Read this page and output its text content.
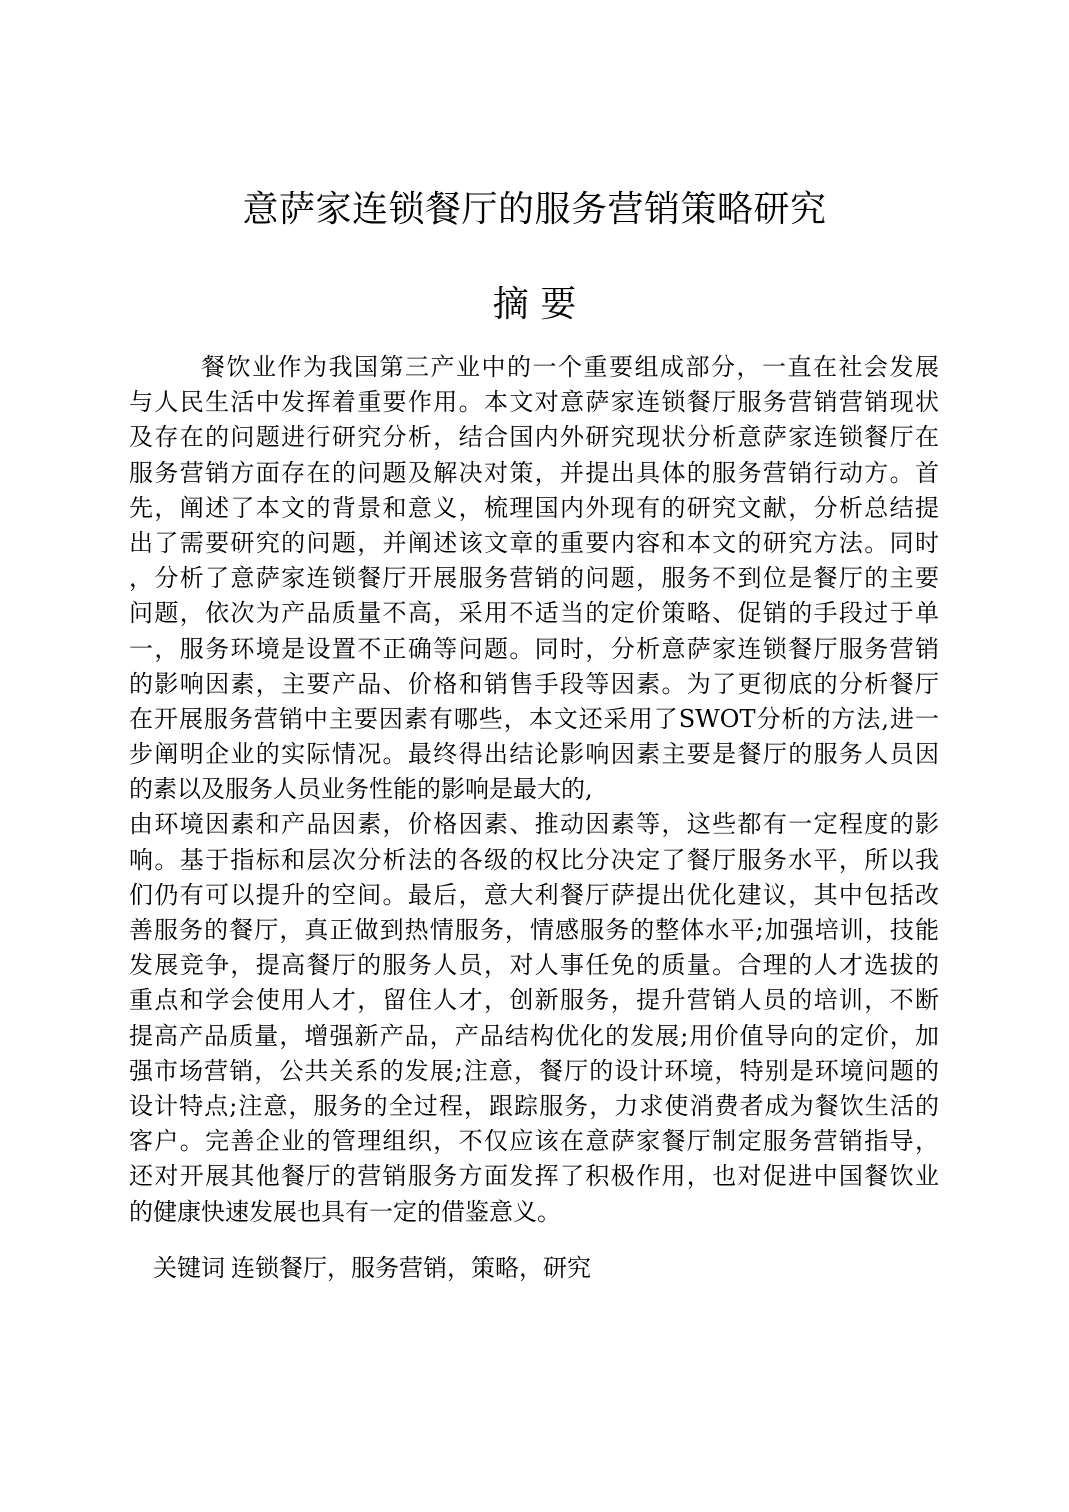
意萨家连锁餐厅的服务营销策略研究
摘 要
餐饮业作为我国第三产业中的一个重要组成部分，一直在社会发展
与人民生活中发挥着重要作用。本文对意萨家连锁餐厅服务营销营销现状
及存在的问题进行研究分析，结合国内外研究现状分析意萨家连锁餐厅在
服务营销方面存在的问题及解决对策，并提出具体的服务营销行动方。首
先，阐述了本文的背景和意义，梳理国内外现有的研究文献，分析总结提
出了需要研究的问题，并阐述该文章的重要内容和本文的研究方法。同时
，分析了意萨家连锁餐厅开展服务营销的问题，服务不到位是餐厅的主要
问题，依次为产品质量不高，采用不适当的定价策略、促销的手段过于单
一，服务环境是设置不正确等问题。同时，分析意萨家连锁餐厅服务营销
的影响因素，主要产品、价格和销售手段等因素。为了更彻底的分析餐厅
在开展服务营销中主要因素有哪些，本文还采用了SWOT分析的方法,进一
步阐明企业的实际情况。最终得出结论影响因素主要是餐厅的服务人员因
的素以及服务人员业务性能的影响是最大的,
由环境因素和产品因素，价格因素、推动因素等，这些都有一定程度的影
响。基于指标和层次分析法的各级的权比分决定了餐厅服务水平，所以我
们仍有可以提升的空间。最后，意大利餐厅萨提出优化建议，其中包括改
善服务的餐厅，真正做到热情服务，情感服务的整体水平;加强培训，技能
发展竞争，提高餐厅的服务人员，对人事任免的质量。合理的人才选拔的
重点和学会使用人才，留住人才，创新服务，提升营销人员的培训，不断
提高产品质量，增强新产品，产品结构优化的发展;用价值导向的定价，加
强市场营销，公共关系的发展;注意，餐厅的设计环境，特别是环境问题的
设计特点;注意，服务的全过程，跟踪服务，力求使消费者成为餐饮生活的
客户。完善企业的管理组织，不仅应该在意萨家餐厅制定服务营销指导，
还对开展其他餐厅的营销服务方面发挥了积极作用，也对促进中国餐饮业
的健康快速发展也具有一定的借鉴意义。
关键词 连锁餐厅，服务营销，策略，研究
